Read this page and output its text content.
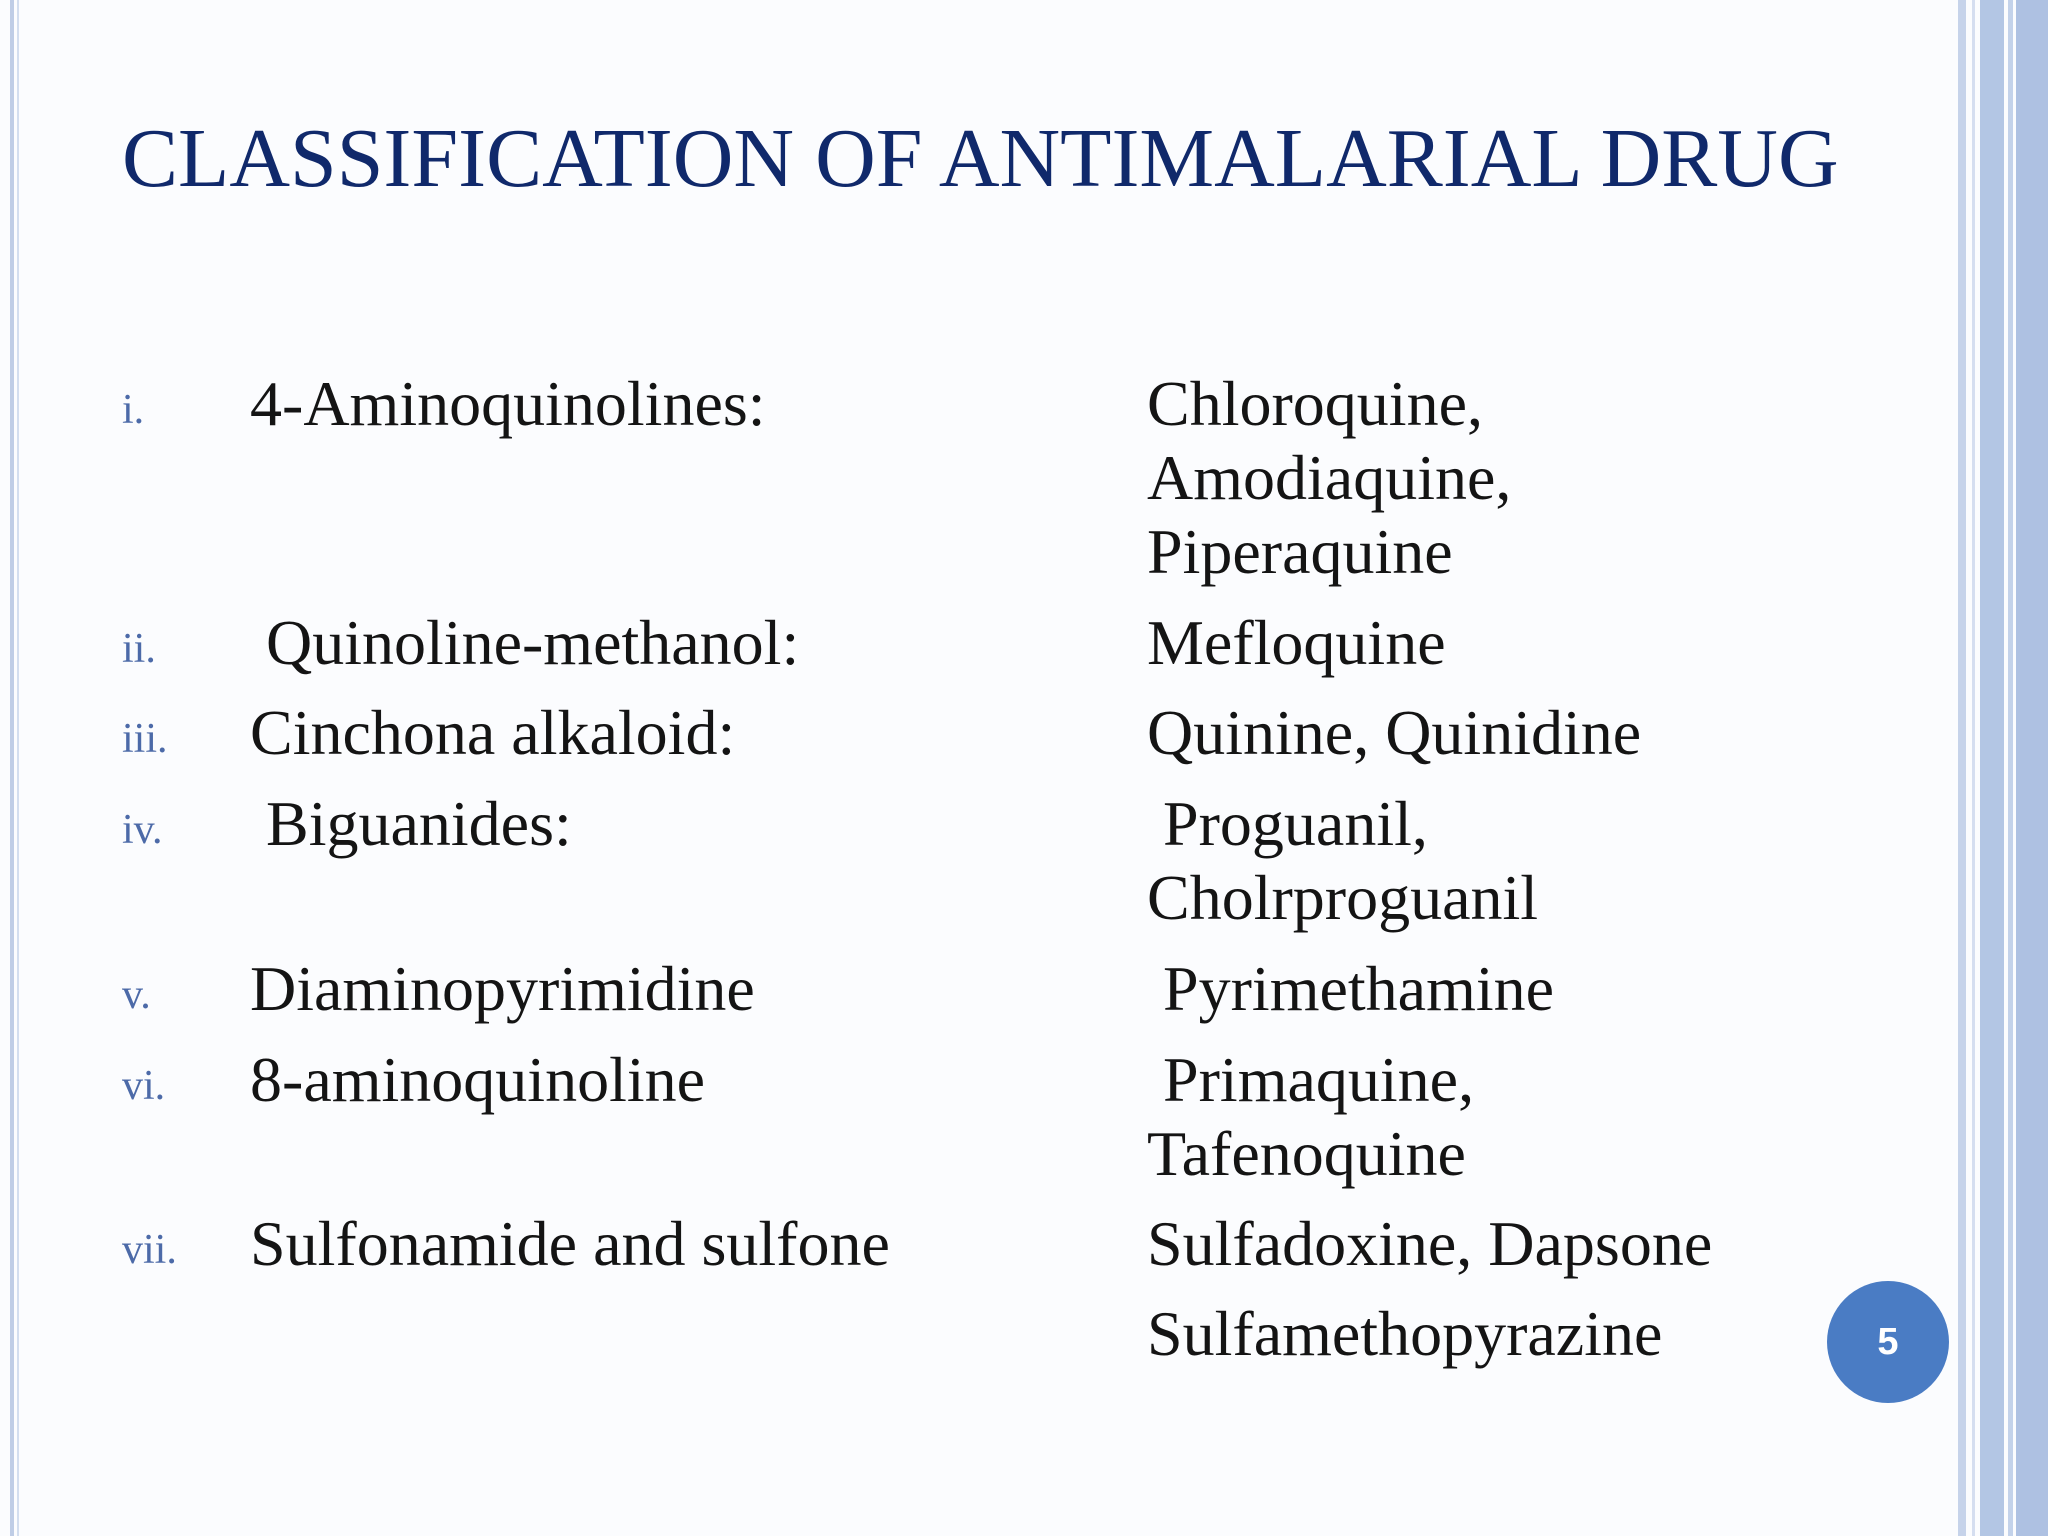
CLASSIFICATION OF ANTIMALARIAL DRUG
i. 4-Aminoquinolines:	Chloroquine,
Amodiaquine,
Piperaquine
ii. Quinoline-methanol:	Mefloquine
iii. Cinchona alkaloid:	Quinine, Quinidine
iv. Biguanides:	Proguanil,
Cholrproguanil
v. Diaminopyrimidine	Pyrimethamine
vi. 8-aminoquinoline	Primaquine,
Tafenoquine
vii. Sulfonamide and sulfone	Sulfadoxine, Dapsone
Sulfamethopyrazine	5
